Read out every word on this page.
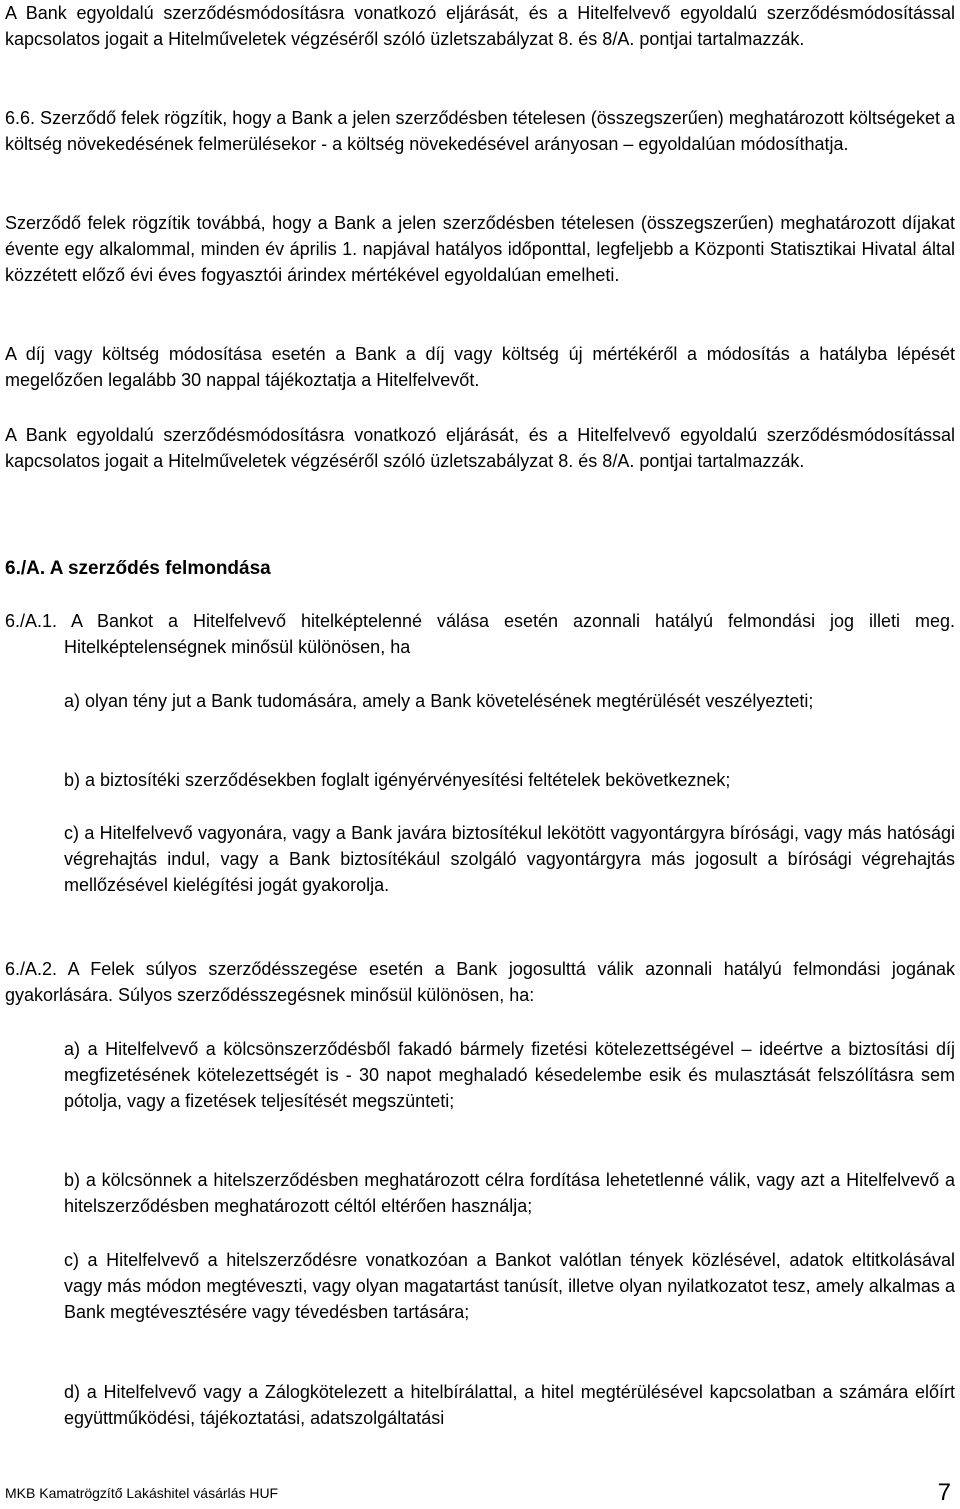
A Bank egyoldalú szerződésmódosításra vonatkozó eljárását, és a Hitelfelvevő egyoldalú szerződésmódosítással kapcsolatos jogait a Hitelműveletek végzéséről szóló üzletszabályzat 8. és 8/A. pontjai tartalmazzák.

6.6. Szerződő felek rögzítik, hogy a Bank a jelen szerződésben tételesen (összegszerűen) meghatározott költségeket a költség növekedésének felmerülésekor - a költség növekedésével arányosan – egyoldalúan módosíthatja.

Szerződő felek rögzítik továbbá, hogy a Bank a jelen szerződésben tételesen (összegszerűen) meghatározott díjakat évente egy alkalommal, minden év április 1. napjával hatályos időponttal, legfeljebb a Központi Statisztikai Hivatal által közzétett előző évi éves fogyasztói árindex mértékével egyoldalúan emelheti.

A díj vagy költség módosítása esetén a Bank a díj vagy költség új mértékéről a módosítás a hatályba lépését megelőzően legalább 30 nappal tájékoztatja a Hitelfelvevőt.

A Bank egyoldalú szerződésmódosításra vonatkozó eljárását, és a Hitelfelvevő egyoldalú szerződésmódosítással kapcsolatos jogait a Hitelműveletek végzéséről szóló üzletszabályzat 8. és 8/A. pontjai tartalmazzák.

6./A. A szerződés felmondása

6./A.1. A Bankot a Hitelfelvevő hitelképtelenné válása esetén azonnali hatályú felmondási jog illeti meg. Hitelképtelenségnek minősül különösen, ha

a) olyan tény jut a Bank tudomására, amely a Bank követelésének megtérülését veszélyezteti;

b) a biztosítéki szerződésekben foglalt igényérvényesítési feltételek bekövetkeznek;

c) a Hitelfelvevő vagyonára, vagy a Bank javára biztosítékul lekötött vagyontárgyra bírósági, vagy más hatósági végrehajtás indul, vagy a Bank biztosítékául szolgáló vagyontárgyra más jogosult a bírósági végrehajtás mellőzésével kielégítési jogát gyakorolja.

6./A.2. A Felek súlyos szerződésszegése esetén a Bank jogosulttá válik azonnali hatályú felmondási jogának gyakorlására. Súlyos szerződésszegésnek minősül különösen, ha:

a) a Hitelfelvevő a kölcsönszerződésből fakadó bármely fizetési kötelezettségével – ideértve a biztosítási díj megfizetésének kötelezettségét is - 30 napot meghaladó késedelembe esik és mulasztását felszólításra sem pótolja, vagy a fizetések teljesítését megszünteti;

b) a kölcsönnek a hitelszerződésben meghatározott célra fordítása lehetetlenné válik, vagy azt a Hitelfelvevő a hitelszerződésben meghatározott céltól eltérően használja;

c) a Hitelfelvevő a hitelszerződésre vonatkozóan a Bankot valótlan tények közlésével, adatok eltitkolásával vagy más módon megtéveszti, vagy olyan magatartást tanúsít, illetve olyan nyilatkozatot tesz, amely alkalmas a Bank megtévesztésére vagy tévedésben tartására;

d) a Hitelfelvevő vagy a Zálogkötelezett a hitelbírálattal, a hitel megtérülésével kapcsolatban a számára előírt együttműködési, tájékoztatási, adatszolgáltatási

MKB Kamatrögzítő Lakáshitel vásárlás HUF	7
